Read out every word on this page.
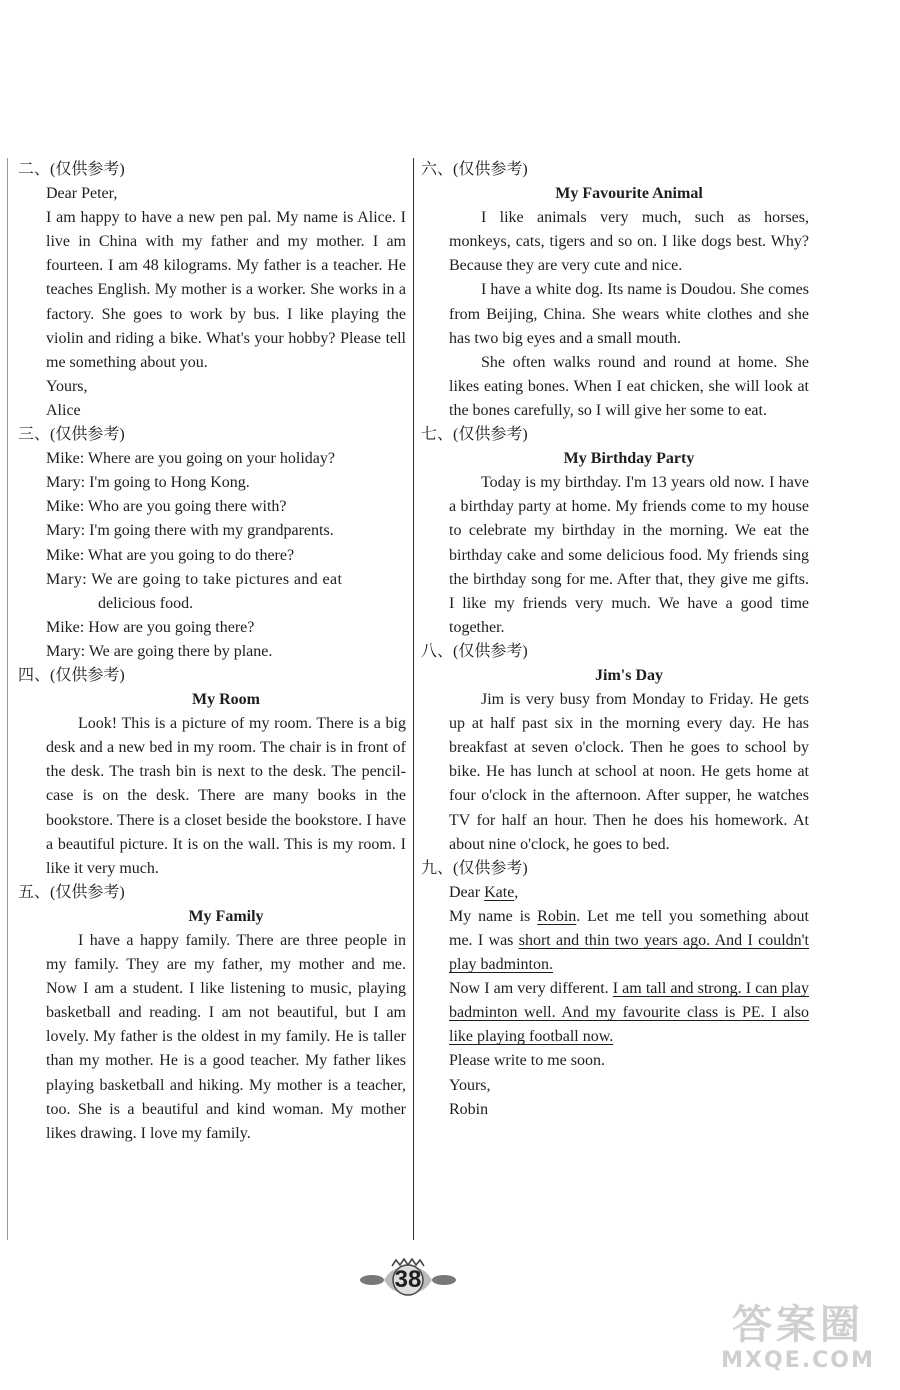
二、(仅供参考)
Dear Peter,
I am happy to have a new pen pal. My name is Alice. I live in China with my father and my mother. I am fourteen. I am 48 kilograms. My father is a teacher. He teaches English. My mother is a worker. She works in a factory. She goes to work by bus. I like playing the violin and riding a bike. What's your hobby? Please tell me something about you.
Yours,
Alice
三、(仅供参考)
Mike: Where are you going on your holiday?
Mary: I'm going to Hong Kong.
Mike: Who are you going there with?
Mary: I'm going there with my grandparents.
Mike: What are you going to do there?
Mary: We are going to take pictures and eat
delicious food.
Mike: How are you going there?
Mary: We are going there by plane.
四、(仅供参考)
My Room
Look! This is a picture of my room. There is a big desk and a new bed in my room. The chair is in front of the desk. The trash bin is next to the desk. The pencil-case is on the desk. There are many books in the bookstore. There is a closet beside the bookstore. I have a beautiful picture. It is on the wall. This is my room. I like it very much.
五、(仅供参考)
My Family
I have a happy family. There are three people in my family. They are my father, my mother and me. Now I am a student. I like listening to music, playing basketball and reading. I am not beautiful, but I am lovely. My father is the oldest in my family. He is taller than my mother. He is a good teacher. My father likes playing basketball and hiking. My mother is a teacher, too. She is a beautiful and kind woman. My mother likes drawing. I love my family.
六、(仅供参考)
My Favourite Animal
I like animals very much, such as horses, monkeys, cats, tigers and so on. I like dogs best. Why? Because they are very cute and nice.
I have a white dog. Its name is Doudou. She comes from Beijing, China. She wears white clothes and she has two big eyes and a small mouth.
She often walks round and round at home. She likes eating bones. When I eat chicken, she will look at the bones carefully, so I will give her some to eat.
七、(仅供参考)
My Birthday Party
Today is my birthday. I'm 13 years old now. I have a birthday party at home. My friends come to my house to celebrate my birthday in the morning. We eat the birthday cake and some delicious food. My friends sing the birthday song for me. After that, they give me gifts. I like my friends very much. We have a good time together.
八、(仅供参考)
Jim's Day
Jim is very busy from Monday to Friday. He gets up at half past six in the morning every day. He has breakfast at seven o'clock. Then he goes to school by bike. He has lunch at school at noon. He gets home at four o'clock in the afternoon. After supper, he watches TV for half an hour. Then he does his homework. At about nine o'clock, he goes to bed.
九、(仅供参考)
Dear Kate,
My name is Robin. Let me tell you something about me. I was short and thin two years ago. And I couldn't play badminton.
Now I am very different. I am tall and strong. I can play badminton well. And my favourite class is PE. I also like playing football now.
Please write to me soon.
Yours,
Robin
38
答案圈
MXQE.COM
